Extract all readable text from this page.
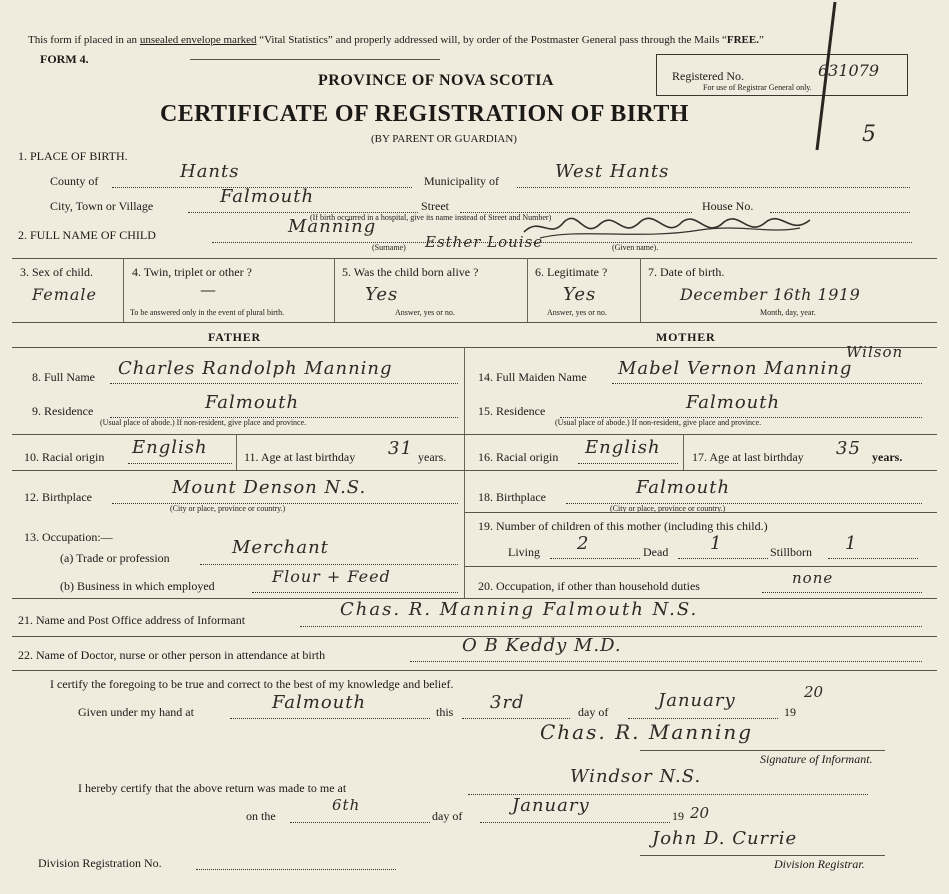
This form if placed in an unsealed envelope marked “Vital Statistics” and properly addressed will, by order of the Postmaster General pass through the Mails “FREE.”
FORM 4.
Registered No.	631079
For use of Registrar General only.
PROVINCE OF NOVA SCOTIA
CERTIFICATE OF REGISTRATION OF BIRTH
(BY PARENT OR GUARDIAN)	5
1. PLACE OF BIRTH.
County of	Hants	Municipality of	West Hants
City, Town or Village	Falmouth	Street	House No.
(If birth occurred in a hospital, give its name instead of Street and Number)
2. FULL NAME OF CHILD	Manning
(Surname) Esther Louise	(Given name).
3. Sex of child.
Female
4. Twin, triplet or other ?
—
To be answered only in the event of plural birth.
5. Was the child born alive ?
Yes
Answer, yes or no.
6. Legitimate ?
Yes
Answer, yes or no.
7. Date of birth.
December 16th 1919
Month, day, year.
FATHER	MOTHER
8. Full Name Charles Randolph Manning
9. Residence	Falmouth
(Usual place of abode.) If non-resident, give place and province.
10. Racial origin English	11. Age at last birthday 31 years.
12. Birthplace	Mount Denson N.S.
(City or place, province or country.)
13. Occupation:—
(a) Trade or profession	Merchant
(b) Business in which employed	Flour + Feed
14. Full Maiden Name Mabel Vernon Manning
Wilson
15. Residence	Falmouth
(Usual place of abode.) If non-resident, give place and province.
16. Racial origin English	17. Age at last birthday 35 years.
18. Birthplace	Falmouth
(City or place, province or country.)
19. Number of children of this mother (including this child.)
Living 2	Dead 1	Stillborn 1
20. Occupation, if other than household duties	none
21. Name and Post Office address of Informant	Chas. R. Manning Falmouth N.S.
22. Name of Doctor, nurse or other person in attendance at birth	O B Keddy M.D.
I certify the foregoing to be true and correct to the best of my knowledge and belief.
Given under my hand at	Falmouth	this 3rd	day of
January
19
20
Chas. R. Manning
Signature of Informant.
I hereby certify that the above return was made to me at
Windsor N.S.
on the
6th
day of	January	19 20
Division Registration No.
John D. Currie
Division Registrar.
